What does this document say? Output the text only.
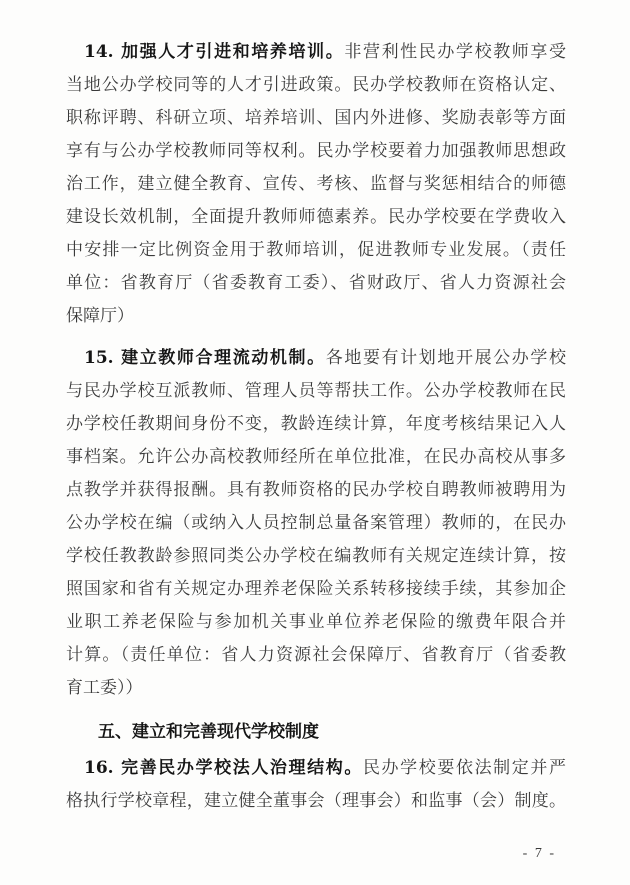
14. 加强人才引进和培养培训。非营利性民办学校教师享受
当地公办学校同等的人才引进政策。民办学校教师在资格认定、
职称评聘、科研立项、培养培训、国内外进修、奖励表彰等方面
享有与公办学校教师同等权利。民办学校要着力加强教师思想政
治工作，建立健全教育、宣传、考核、监督与奖惩相结合的师德
建设长效机制，全面提升教师师德素养。民办学校要在学费收入
中安排一定比例资金用于教师培训，促进教师专业发展。（责任
单位：省教育厅（省委教育工委）、省财政厅、省人力资源社会
保障厅）
15. 建立教师合理流动机制。各地要有计划地开展公办学校
与民办学校互派教师、管理人员等帮扶工作。公办学校教师在民
办学校任教期间身份不变，教龄连续计算，年度考核结果记入人
事档案。允许公办高校教师经所在单位批准，在民办高校从事多
点教学并获得报酬。具有教师资格的民办学校自聘教师被聘用为
公办学校在编（或纳入人员控制总量备案管理）教师的，在民办
学校任教教龄参照同类公办学校在编教师有关规定连续计算，按
照国家和省有关规定办理养老保险关系转移接续手续，其参加企
业职工养老保险与参加机关事业单位养老保险的缴费年限合并
计算。（责任单位：省人力资源社会保障厅、省教育厅（省委教
育工委））
五、建立和完善现代学校制度
16. 完善民办学校法人治理结构。民办学校要依法制定并严
格执行学校章程，建立健全董事会（理事会）和监事（会）制度。
- 7 -
